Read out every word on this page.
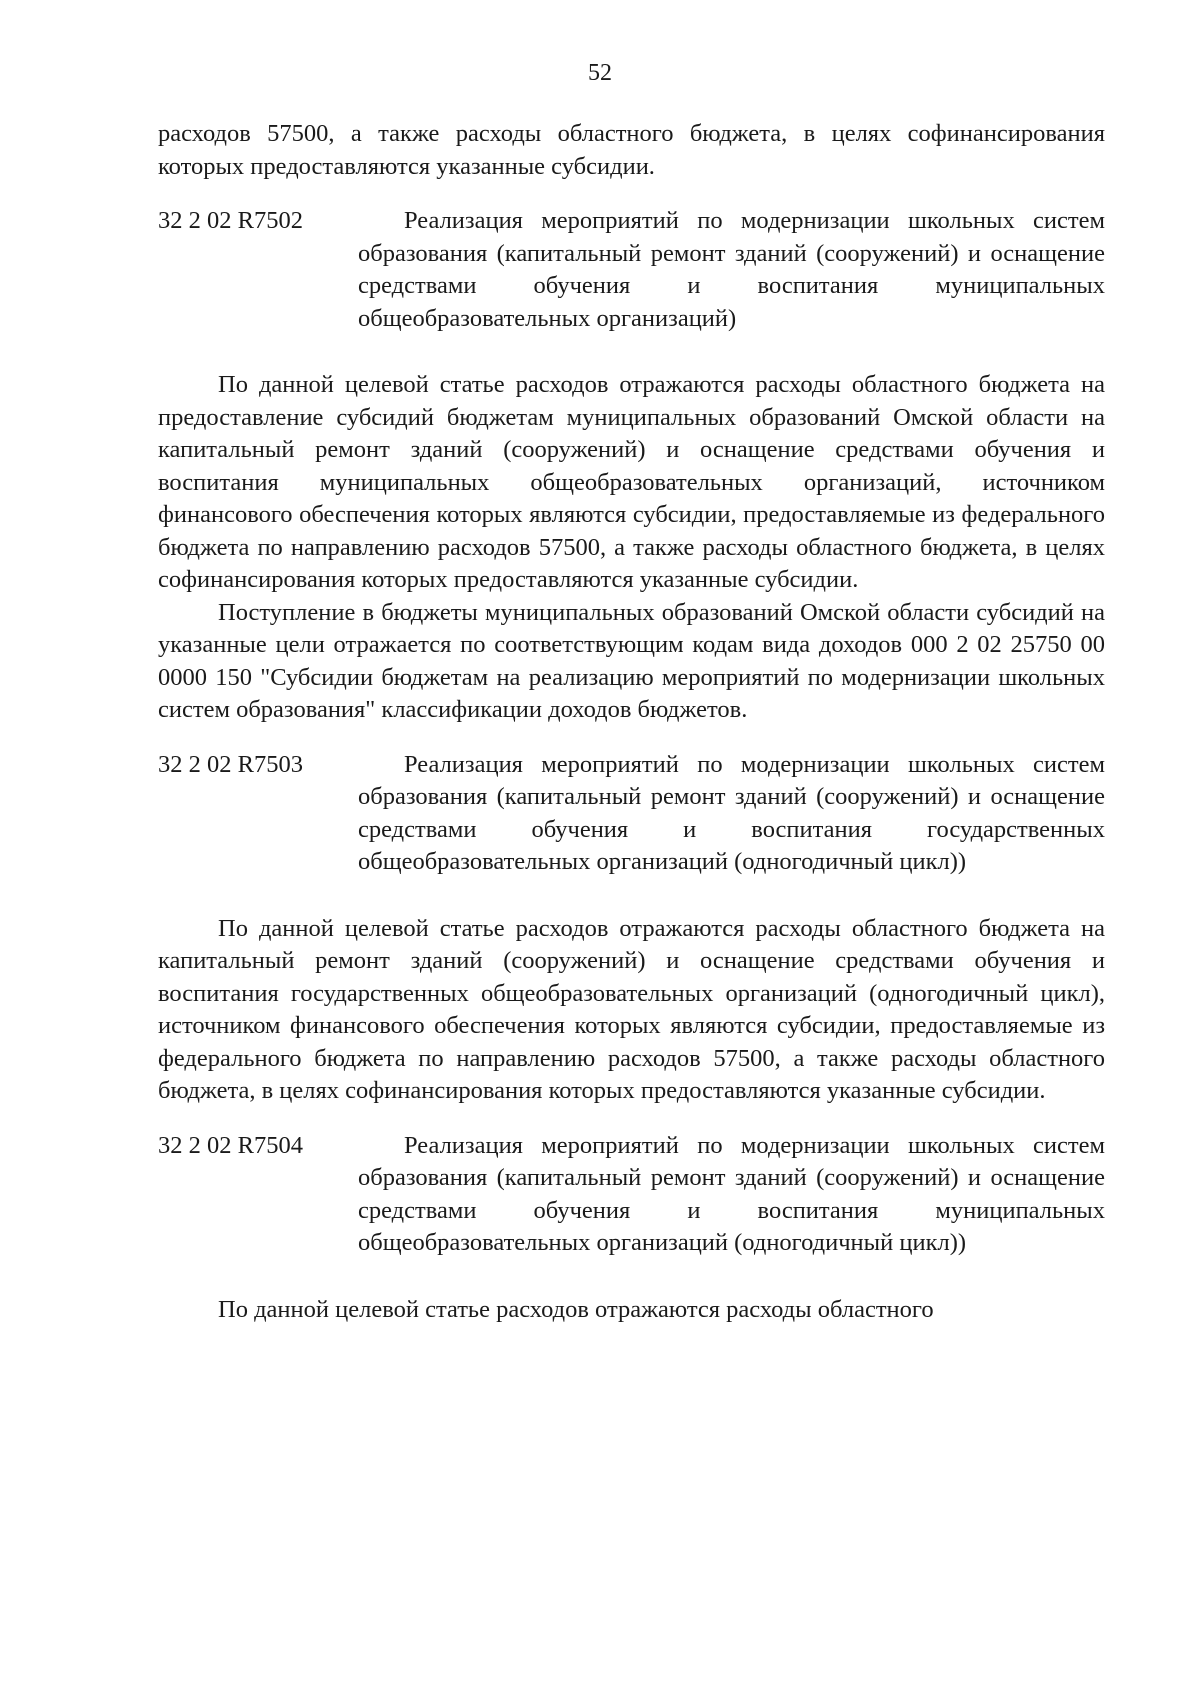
52

расходов 57500, а также расходы областного бюджета, в целях софинансирования которых предоставляются указанные субсидии.

32 2 02 R7502	Реализация мероприятий по модернизации школьных систем образования (капитальный ремонт зданий (сооружений) и оснащение средствами обучения и воспитания муниципальных общеобразовательных организаций)

По данной целевой статье расходов отражаются расходы областного бюджета на предоставление субсидий бюджетам муниципальных образований Омской области на капитальный ремонт зданий (сооружений) и оснащение средствами обучения и воспитания муниципальных общеобразовательных организаций, источником финансового обеспечения которых являются субсидии, предоставляемые из федерального бюджета по направлению расходов 57500, а также расходы областного бюджета, в целях софинансирования которых предоставляются указанные субсидии.

Поступление в бюджеты муниципальных образований Омской области субсидий на указанные цели отражается по соответствующим кодам вида доходов 000 2 02 25750 00 0000 150 "Субсидии бюджетам на реализацию мероприятий по модернизации школьных систем образования" классификации доходов бюджетов.

32 2 02 R7503	Реализация мероприятий по модернизации школьных систем образования (капитальный ремонт зданий (сооружений) и оснащение средствами обучения и воспитания государственных общеобразовательных организаций (одногодичный цикл))

По данной целевой статье расходов отражаются расходы областного бюджета на капитальный ремонт зданий (сооружений) и оснащение средствами обучения и воспитания государственных общеобразовательных организаций (одногодичный цикл), источником финансового обеспечения которых являются субсидии, предоставляемые из федерального бюджета по направлению расходов 57500, а также расходы областного бюджета, в целях софинансирования которых предоставляются указанные субсидии.

32 2 02 R7504	Реализация мероприятий по модернизации школьных систем образования (капитальный ремонт зданий (сооружений) и оснащение средствами обучения и воспитания муниципальных общеобразовательных организаций (одногодичный цикл))

По данной целевой статье расходов отражаются расходы областного
